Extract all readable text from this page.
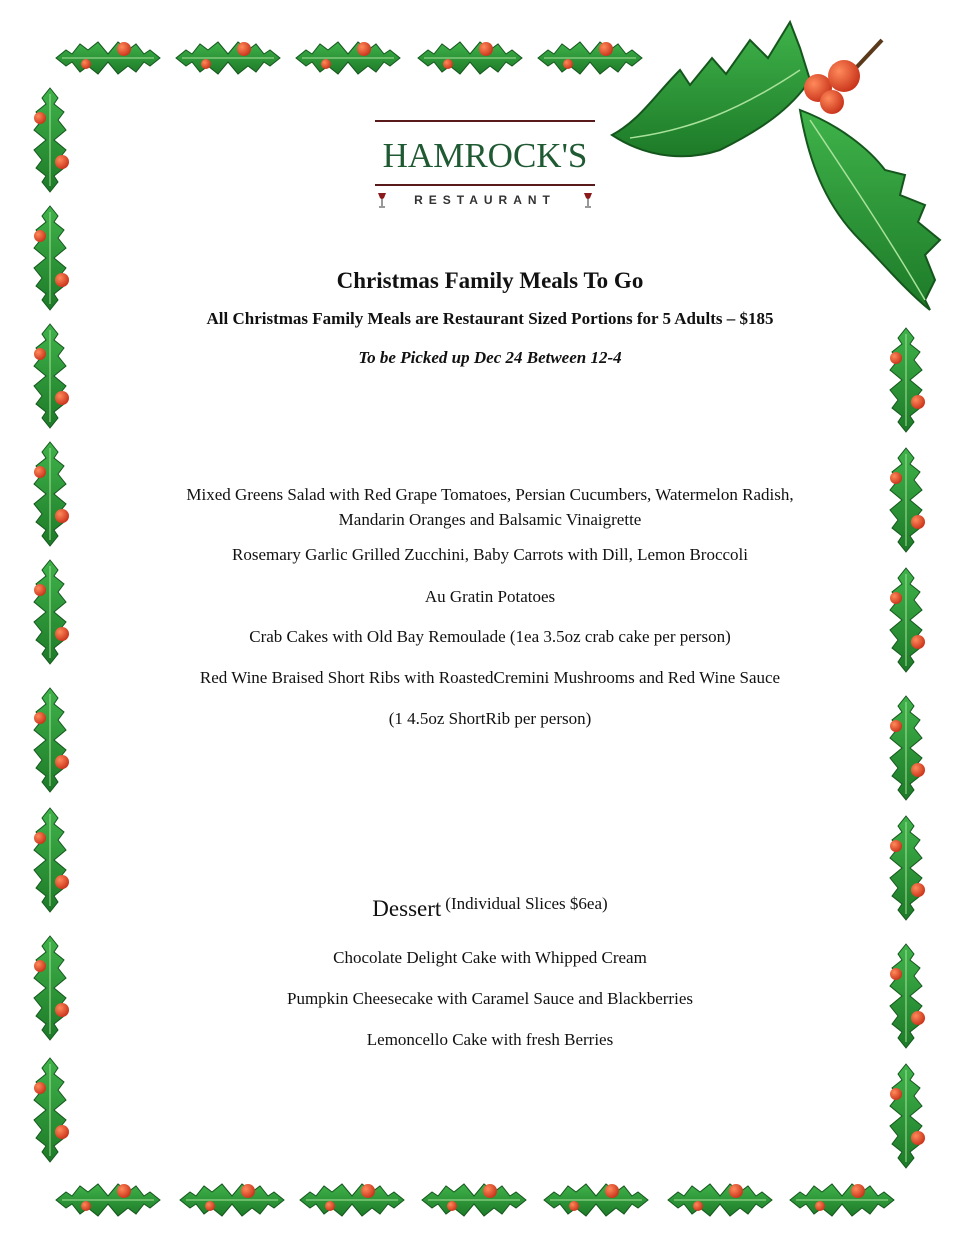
HAMROCK'S
RESTAURANT
Christmas Family Meals To Go
All Christmas Family Meals are Restaurant Sized Portions for 5 Adults – $185
To be Picked up Dec 24 Between 12-4
Mixed Greens Salad with Red Grape Tomatoes, Persian Cucumbers, Watermelon Radish,
Mandarin Oranges and Balsamic Vinaigrette
Rosemary Garlic Grilled Zucchini, Baby Carrots with Dill, Lemon Broccoli
Au Gratin Potatoes
Crab Cakes with Old Bay Remoulade (1ea 3.5oz crab cake per person)
Red Wine Braised Short Ribs with RoastedCremini Mushrooms and Red Wine Sauce
(1 4.5oz ShortRib per person)
Dessert (Individual Slices $6ea)
Chocolate Delight Cake with Whipped Cream
Pumpkin Cheesecake with Caramel Sauce and Blackberries
Lemoncello Cake with fresh Berries
